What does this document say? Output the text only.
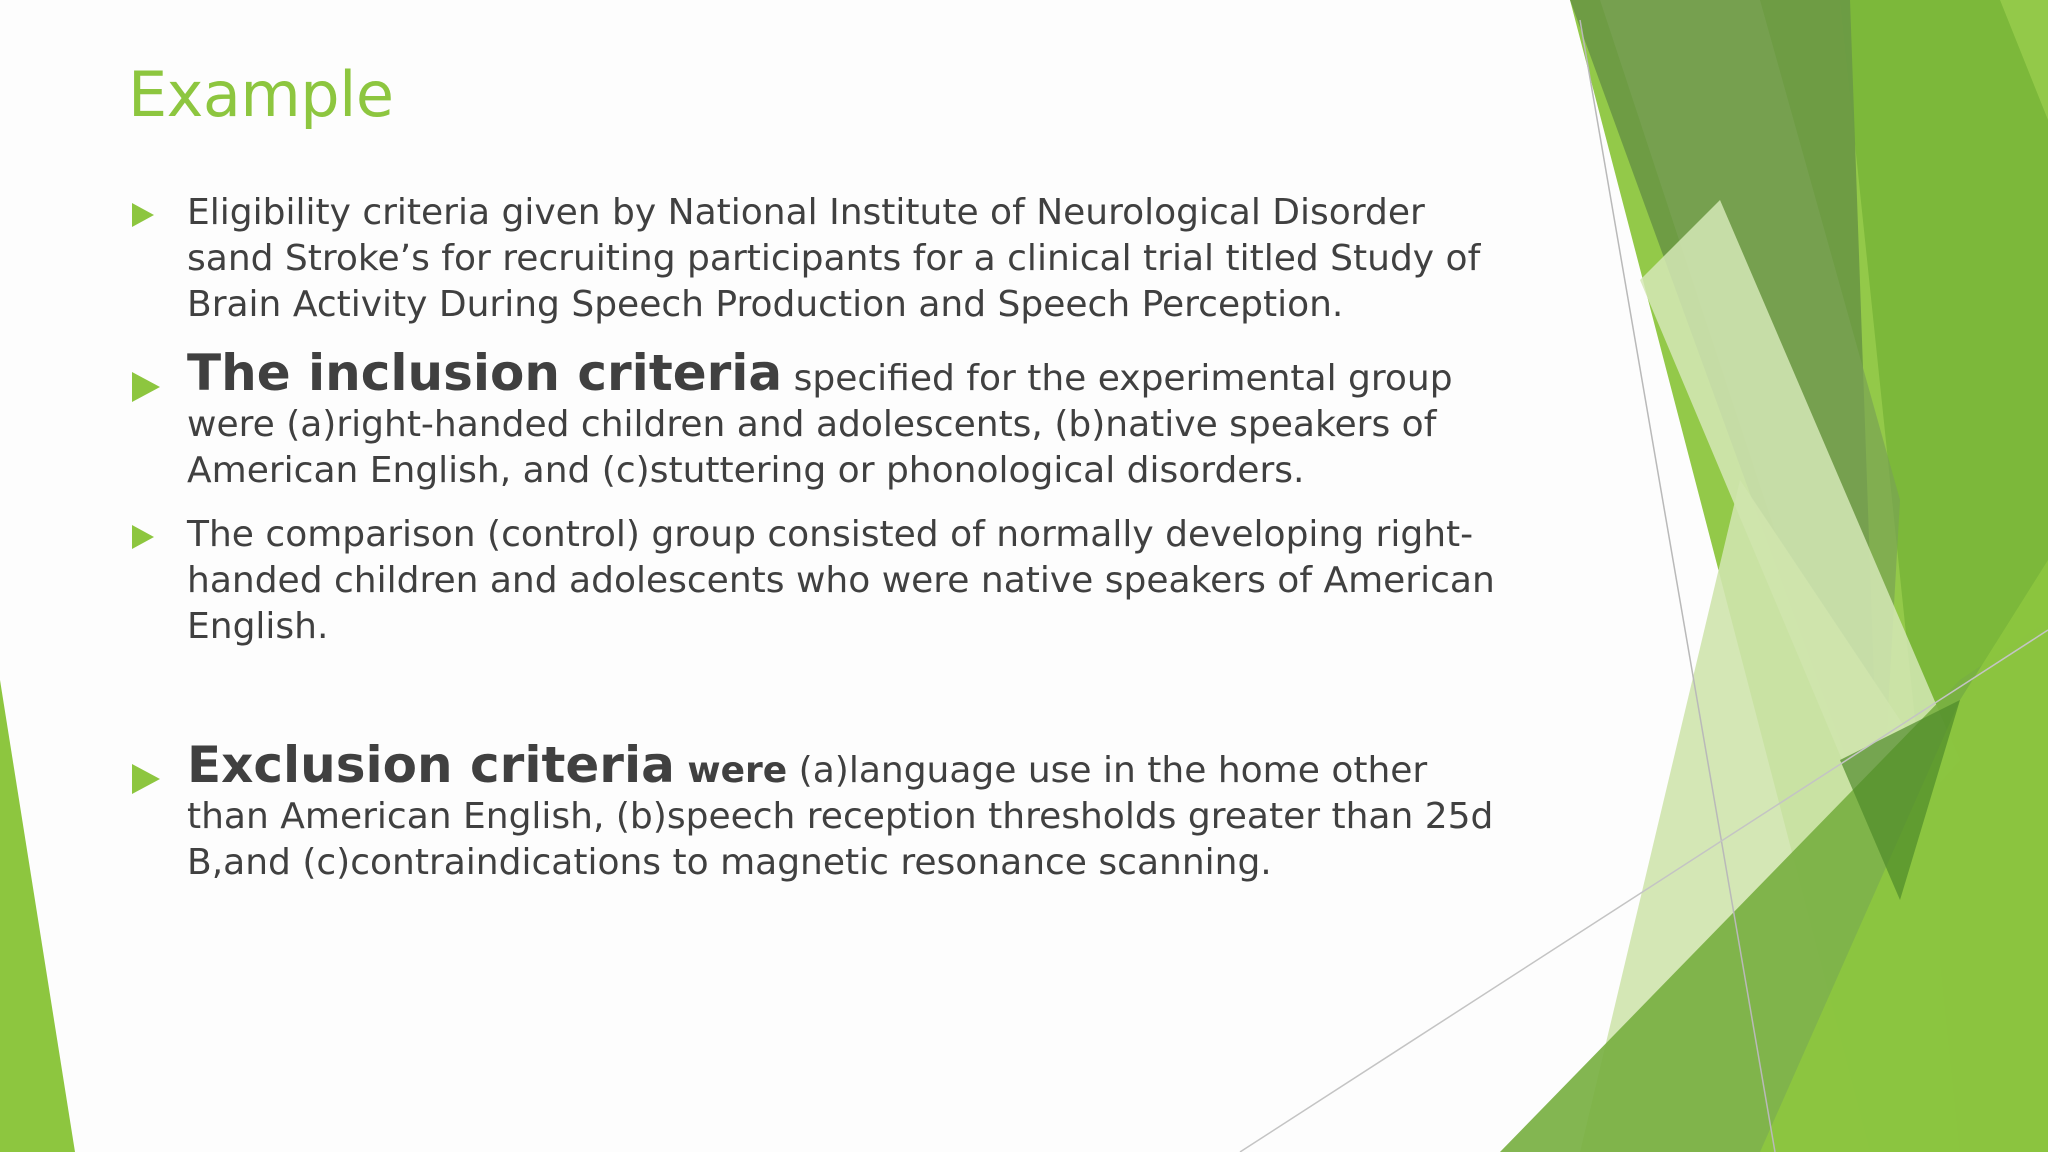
Example
Eligibility criteria given by National Institute of Neurological Disorder sand Stroke’s for recruiting participants for a clinical trial titled Study of Brain Activity During Speech Production and Speech Perception.
The inclusion criteria specified for the experimental group were (a)right-handed children and adolescents, (b)native speakers of American English, and (c)stuttering or phonological disorders.
The comparison (control) group consisted of normally developing right-handed children and adolescents who were native speakers of American English.
Exclusion criteria were (a)language use in the home other than American English, (b)speech reception thresholds greater than 25d B,and (c)contraindications to magnetic resonance scanning.
